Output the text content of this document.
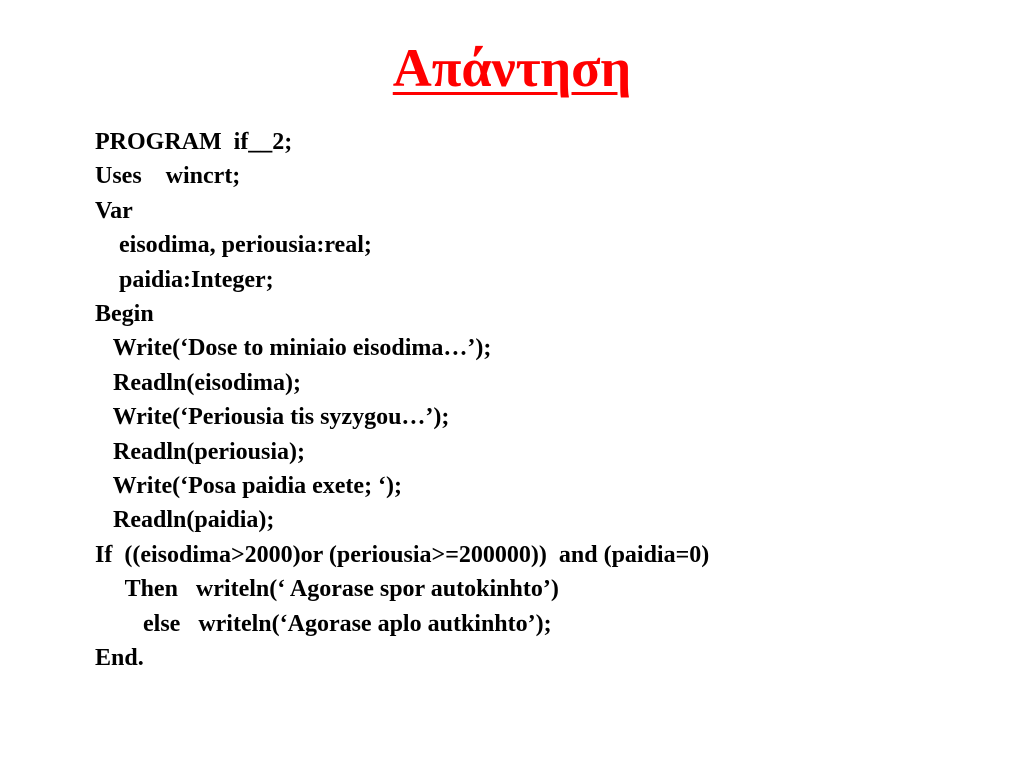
Απάντηση
PROGRAM  if__2;
Uses    wincrt;
Var
eisodima, periousia:real;
paidia:Integer;
Begin
Write(‘Dose to miniaio eisodima…’);
Readln(eisodima);
Write(‘Periousia tis syzygou…’);
Readln(periousia);
Write(‘Posa paidia exete; ‘);
Readln(paidia);
If  ((eisodima>2000)or (periousia>=200000))  and (paidia=0)
Then   writeln(‘ Agorase spor autokinhto’)
else   writeln(‘Agorase aplo autkinhto’);
End.
